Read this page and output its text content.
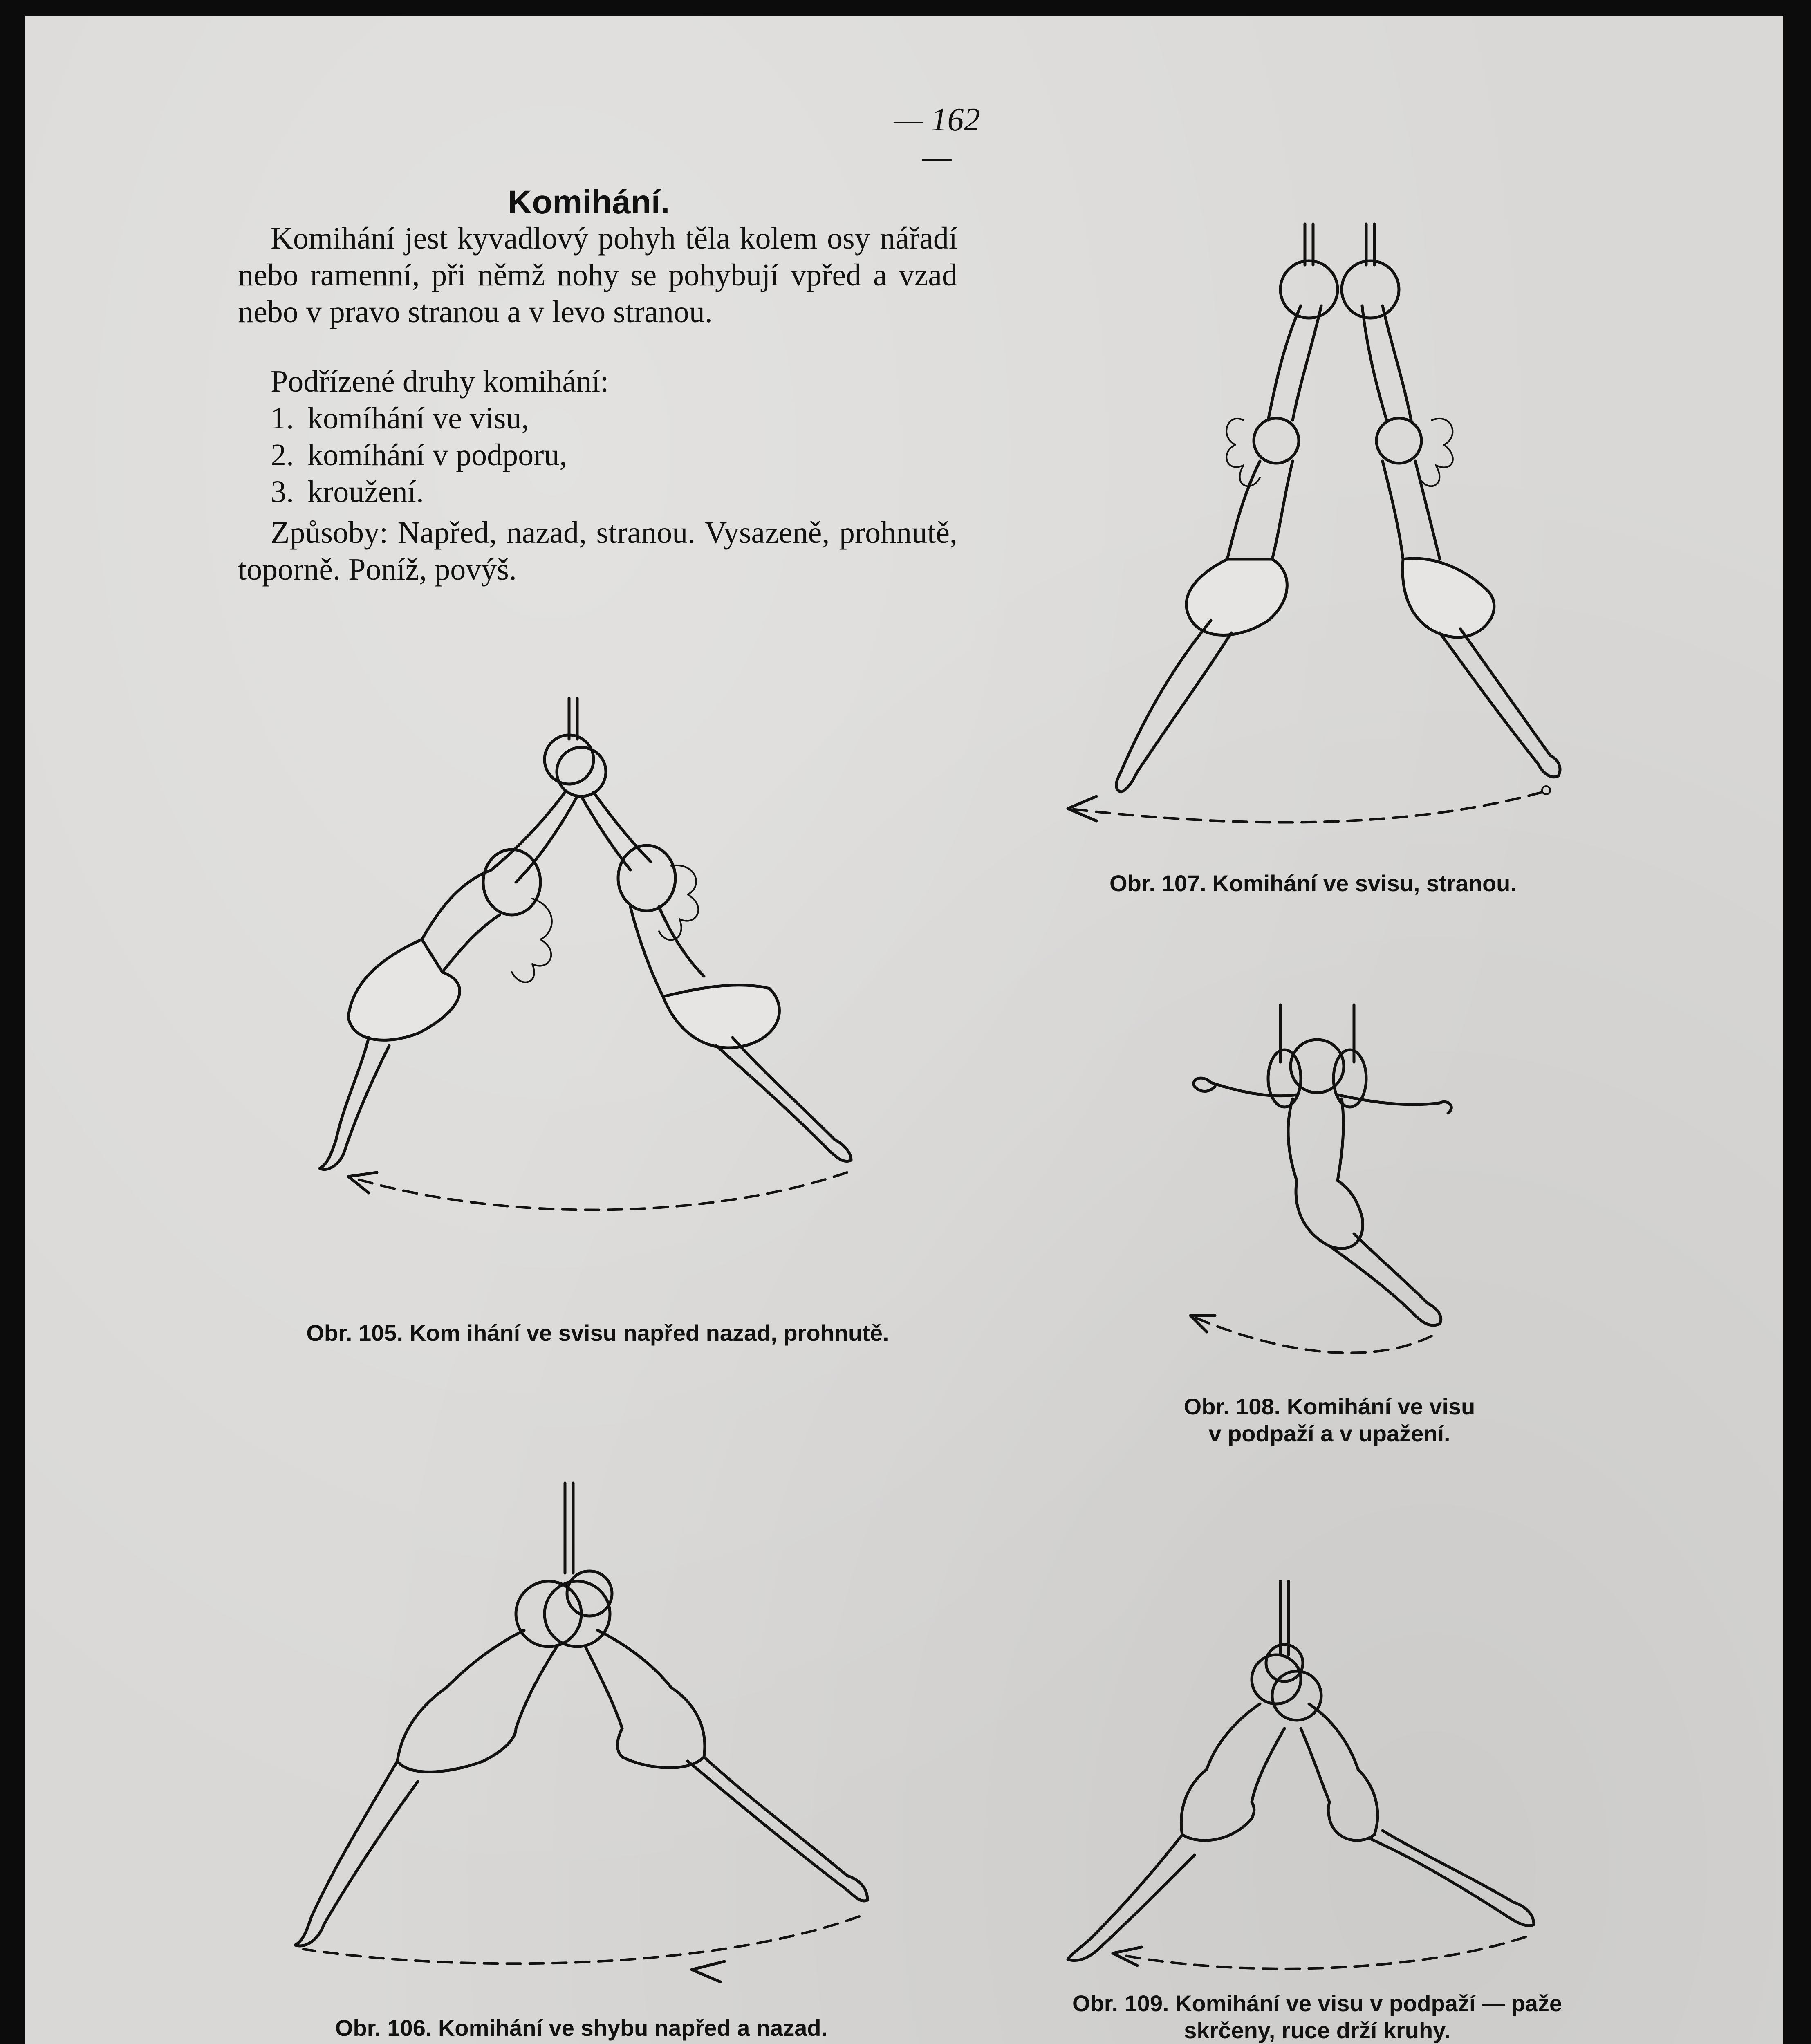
— 162 —
Komihání.
Komihání jest kyvadlový pohyh těla kolem osy nářadí nebo ramenní, při němž nohy se pohybují vpřed a vzad nebo v pravo stranou a v levo stranou.
Podřízené druhy komihání:
1. komíhání ve visu,
2. komíhání v podporu,
3. kroužení.
Způsoby: Napřed, nazad, stranou. Vysazeně, prohnutě, toporně. Poníž, povýš.
Obr. 107. Komihání ve svisu, stranou.
Obr. 105. Kom ihání ve svisu napřed nazad, prohnutě.
Obr. 108. Komihání ve visu
v podpaží a v upažení.
Obr. 106. Komihání ve shybu napřed a nazad.
Obr. 109. Komihání ve visu v podpaží — paže
skrčeny, ruce drží kruhy.
